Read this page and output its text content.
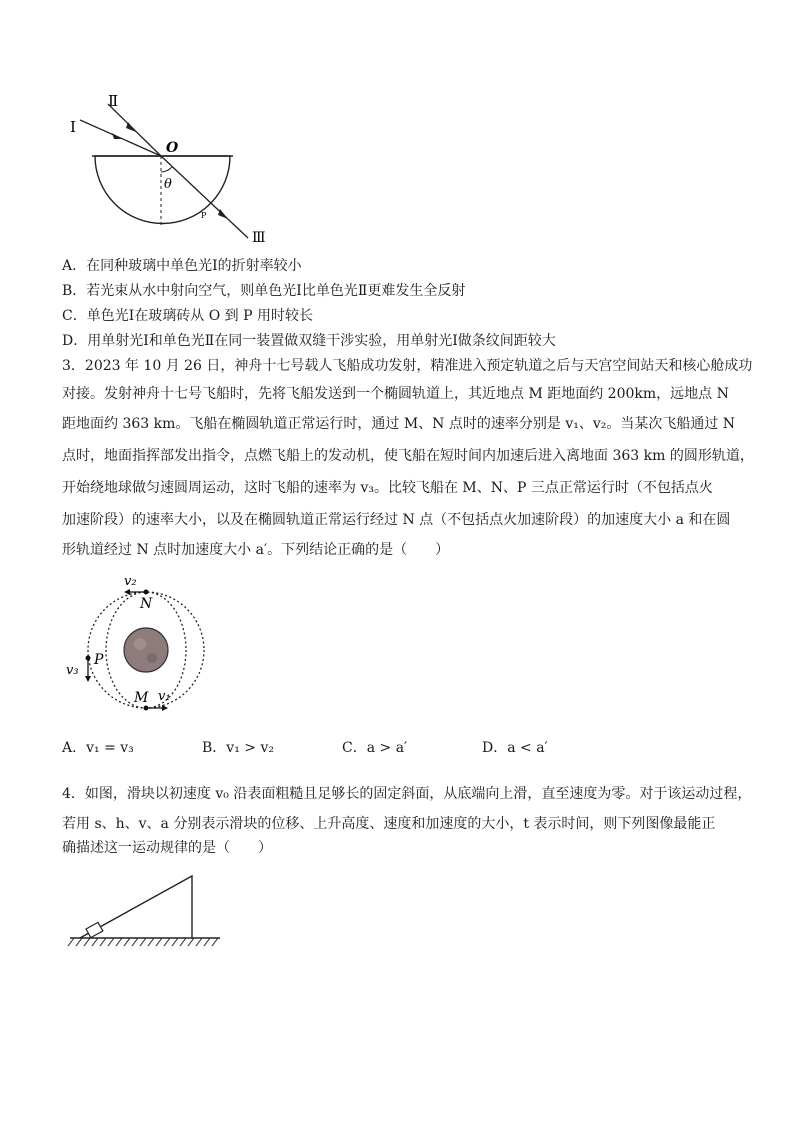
I
Ⅱ
Ⅲ
O
θ
P
A．在同种玻璃中单色光Ⅰ的折射率较小
B．若光束从水中射向空气，则单色光Ⅰ比单色光Ⅱ更难发生全反射
C．单色光Ⅰ在玻璃砖从 O 到 P 用时较长
D．用单射光Ⅰ和单色光Ⅱ在同一装置做双缝干涉实验，用单射光Ⅰ做条纹间距较大
3．2023 年 10 月 26 日，神舟十七号载人飞船成功发射，精准进入预定轨道之后与天宫空间站天和核心舱成功
对接。发射神舟十七号飞船时，先将飞船发送到一个椭圆轨道上，其近地点 M 距地面约 200km，远地点 N
距地面约 363 km。飞船在椭圆轨道正常运行时，通过 M、N 点时的速率分别是 v₁、v₂。当某次飞船通过 N
点时，地面指挥部发出指令，点燃飞船上的发动机，使飞船在短时间内加速后进入离地面 363 km 的圆形轨道，
开始绕地球做匀速圆周运动，这时飞船的速率为 v₃。比较飞船在 M、N、P 三点正常运行时（不包括点火
加速阶段）的速率大小，以及在椭圆轨道正常运行经过 N 点（不包括点火加速阶段）的加速度大小 a 和在圆
形轨道经过 N 点时加速度大小 a′。下列结论正确的是（　　）
v₂
N
P
v₃
M v₁
A．v₁ = v₃	B．v₁ > v₂	C．a > a′	D．a < a′
4．如图，滑块以初速度 v₀ 沿表面粗糙且足够长的固定斜面，从底端向上滑，直至速度为零。对于该运动过程，
若用 s、h、v、a 分别表示滑块的位移、上升高度、速度和加速度的大小，t 表示时间，则下列图像最能正
确描述这一运动规律的是（　　）
